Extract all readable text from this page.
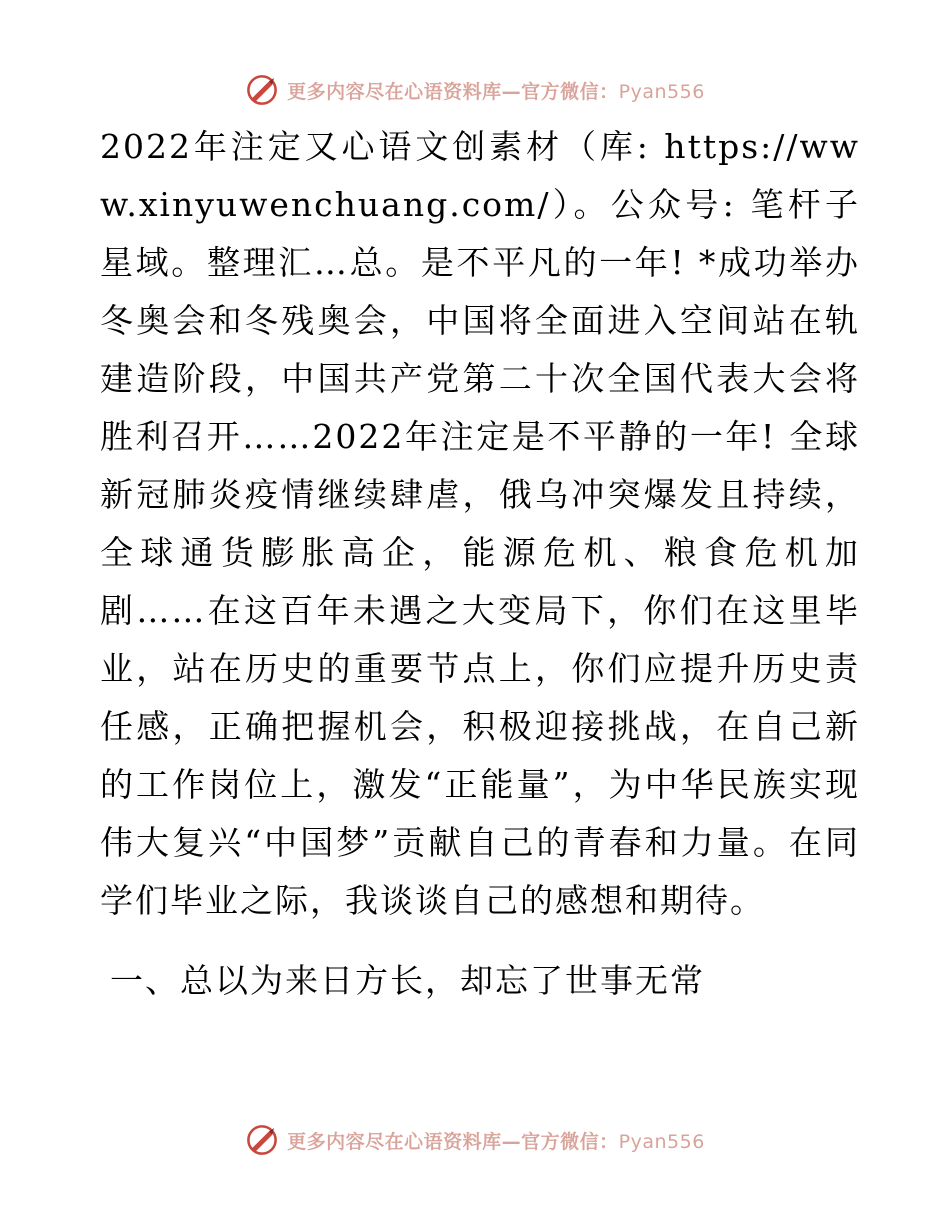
更多内容尽在心语资料库—官方微信：Pyan556

2022年注定又心语文创素材（库: https://www.xinyuwenchuang.com/）。公众号: 笔杆子星域。整理汇…总。是不平凡的一年! *成功举办冬奥会和冬残奥会，中国将全面进入空间站在轨建造阶段，中国共产党第二十次全国代表大会将胜利召开……2022年注定是不平静的一年! 全球新冠肺炎疫情继续肆虐，俄乌冲突爆发且持续，全球通货膨胀高企，能源危机、粮食危机加剧……在这百年未遇之大变局下，你们在这里毕业，站在历史的重要节点上，你们应提升历史责任感，正确把握机会，积极迎接挑战，在自己新的工作岗位上，激发“正能量”，为中华民族实现伟大复兴“中国梦”贡献自己的青春和力量。在同学们毕业之际，我谈谈自己的感想和期待。

一、总以为来日方长，却忘了世事无常

更多内容尽在心语资料库—官方微信：Pyan556
